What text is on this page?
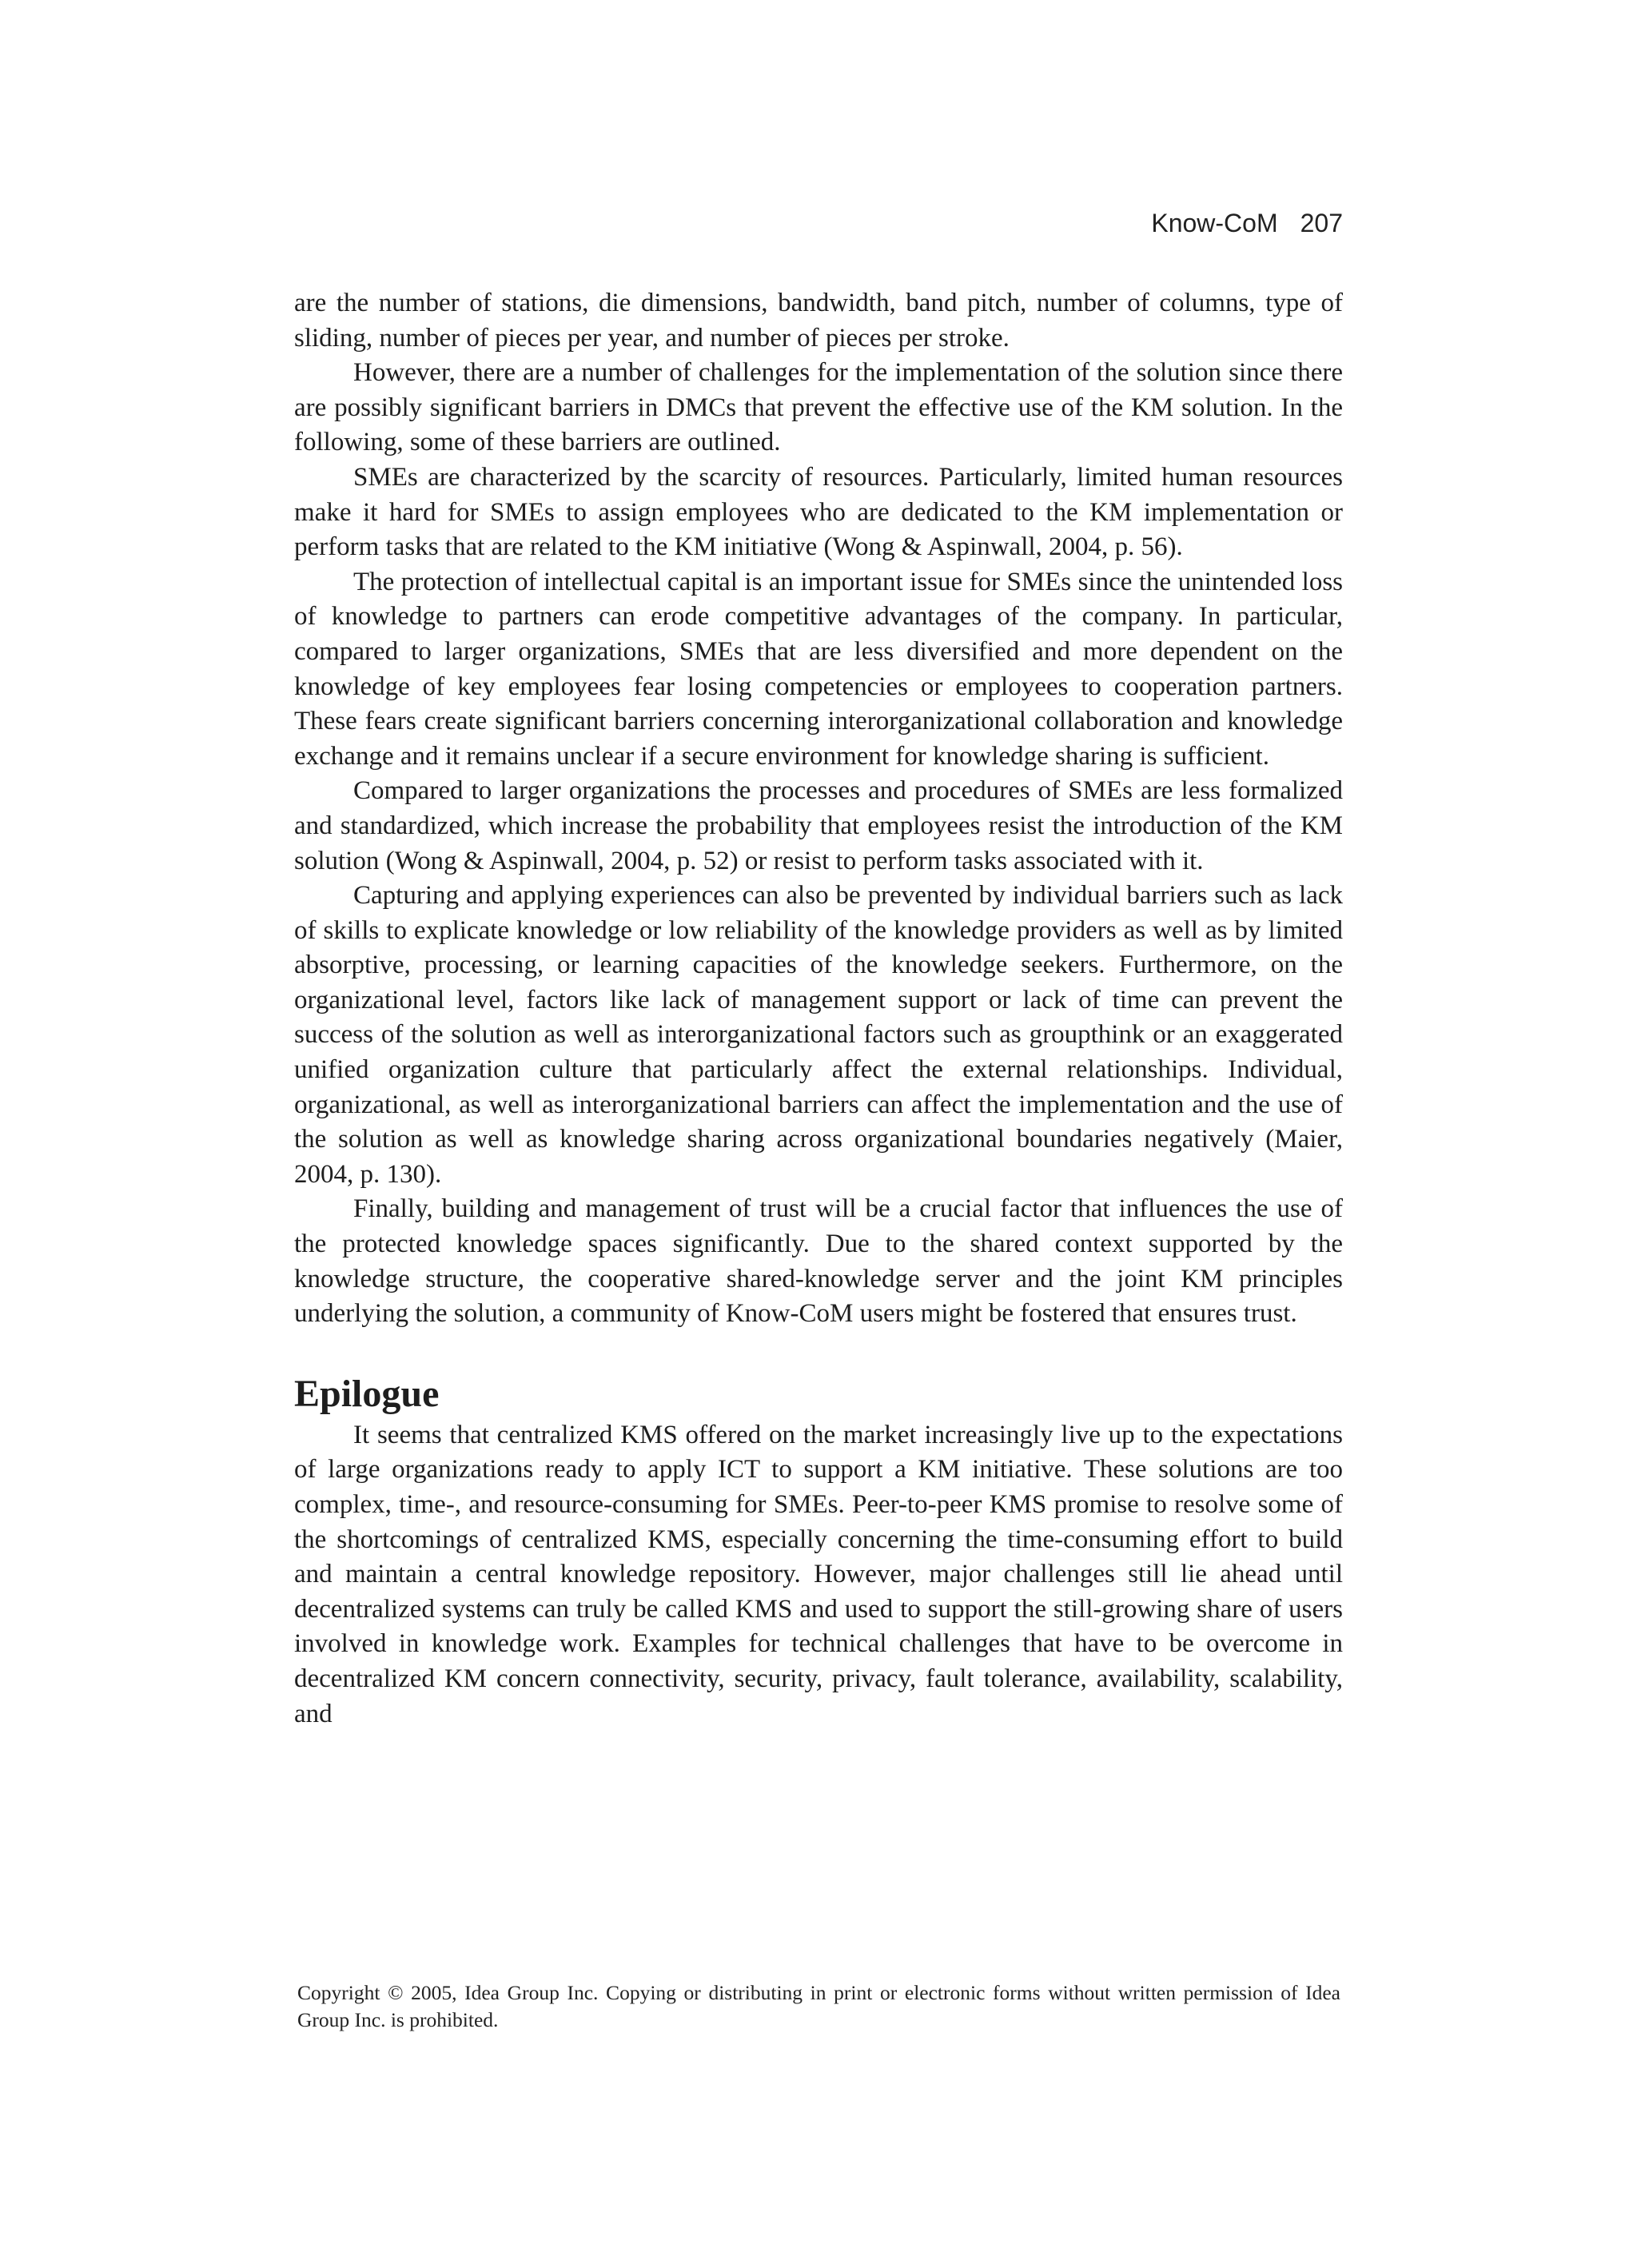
Know-CoM 207

are the number of stations, die dimensions, bandwidth, band pitch, number of columns, type of sliding, number of pieces per year, and number of pieces per stroke.

However, there are a number of challenges for the implementation of the solution since there are possibly significant barriers in DMCs that prevent the effective use of the KM solution. In the following, some of these barriers are outlined.

SMEs are characterized by the scarcity of resources. Particularly, limited human resources make it hard for SMEs to assign employees who are dedicated to the KM implementation or perform tasks that are related to the KM initiative (Wong & Aspinwall, 2004, p. 56).

The protection of intellectual capital is an important issue for SMEs since the unintended loss of knowledge to partners can erode competitive advantages of the company. In particular, compared to larger organizations, SMEs that are less diversified and more dependent on the knowledge of key employees fear losing competencies or employees to cooperation partners. These fears create significant barriers concerning interorganizational collaboration and knowledge exchange and it remains unclear if a secure environment for knowledge sharing is sufficient.

Compared to larger organizations the processes and procedures of SMEs are less formalized and standardized, which increase the probability that employees resist the introduction of the KM solution (Wong & Aspinwall, 2004, p. 52) or resist to perform tasks associated with it.

Capturing and applying experiences can also be prevented by individual barriers such as lack of skills to explicate knowledge or low reliability of the knowledge providers as well as by limited absorptive, processing, or learning capacities of the knowledge seekers. Furthermore, on the organizational level, factors like lack of management support or lack of time can prevent the success of the solution as well as interorganizational factors such as groupthink or an exaggerated unified organization culture that particularly affect the external relationships. Individual, organizational, as well as interorganizational barriers can affect the implementation and the use of the solution as well as knowledge sharing across organizational boundaries negatively (Maier, 2004, p. 130).

Finally, building and management of trust will be a crucial factor that influences the use of the protected knowledge spaces significantly. Due to the shared context supported by the knowledge structure, the cooperative shared-knowledge server and the joint KM principles underlying the solution, a community of Know-CoM users might be fostered that ensures trust.

Epilogue

It seems that centralized KMS offered on the market increasingly live up to the expectations of large organizations ready to apply ICT to support a KM initiative. These solutions are too complex, time-, and resource-consuming for SMEs. Peer-to-peer KMS promise to resolve some of the shortcomings of centralized KMS, especially concerning the time-consuming effort to build and maintain a central knowledge repository. However, major challenges still lie ahead until decentralized systems can truly be called KMS and used to support the still-growing share of users involved in knowledge work. Examples for technical challenges that have to be overcome in decentralized KM concern connectivity, security, privacy, fault tolerance, availability, scalability, and

Copyright © 2005, Idea Group Inc. Copying or distributing in print or electronic forms without written permission of Idea Group Inc. is prohibited.
